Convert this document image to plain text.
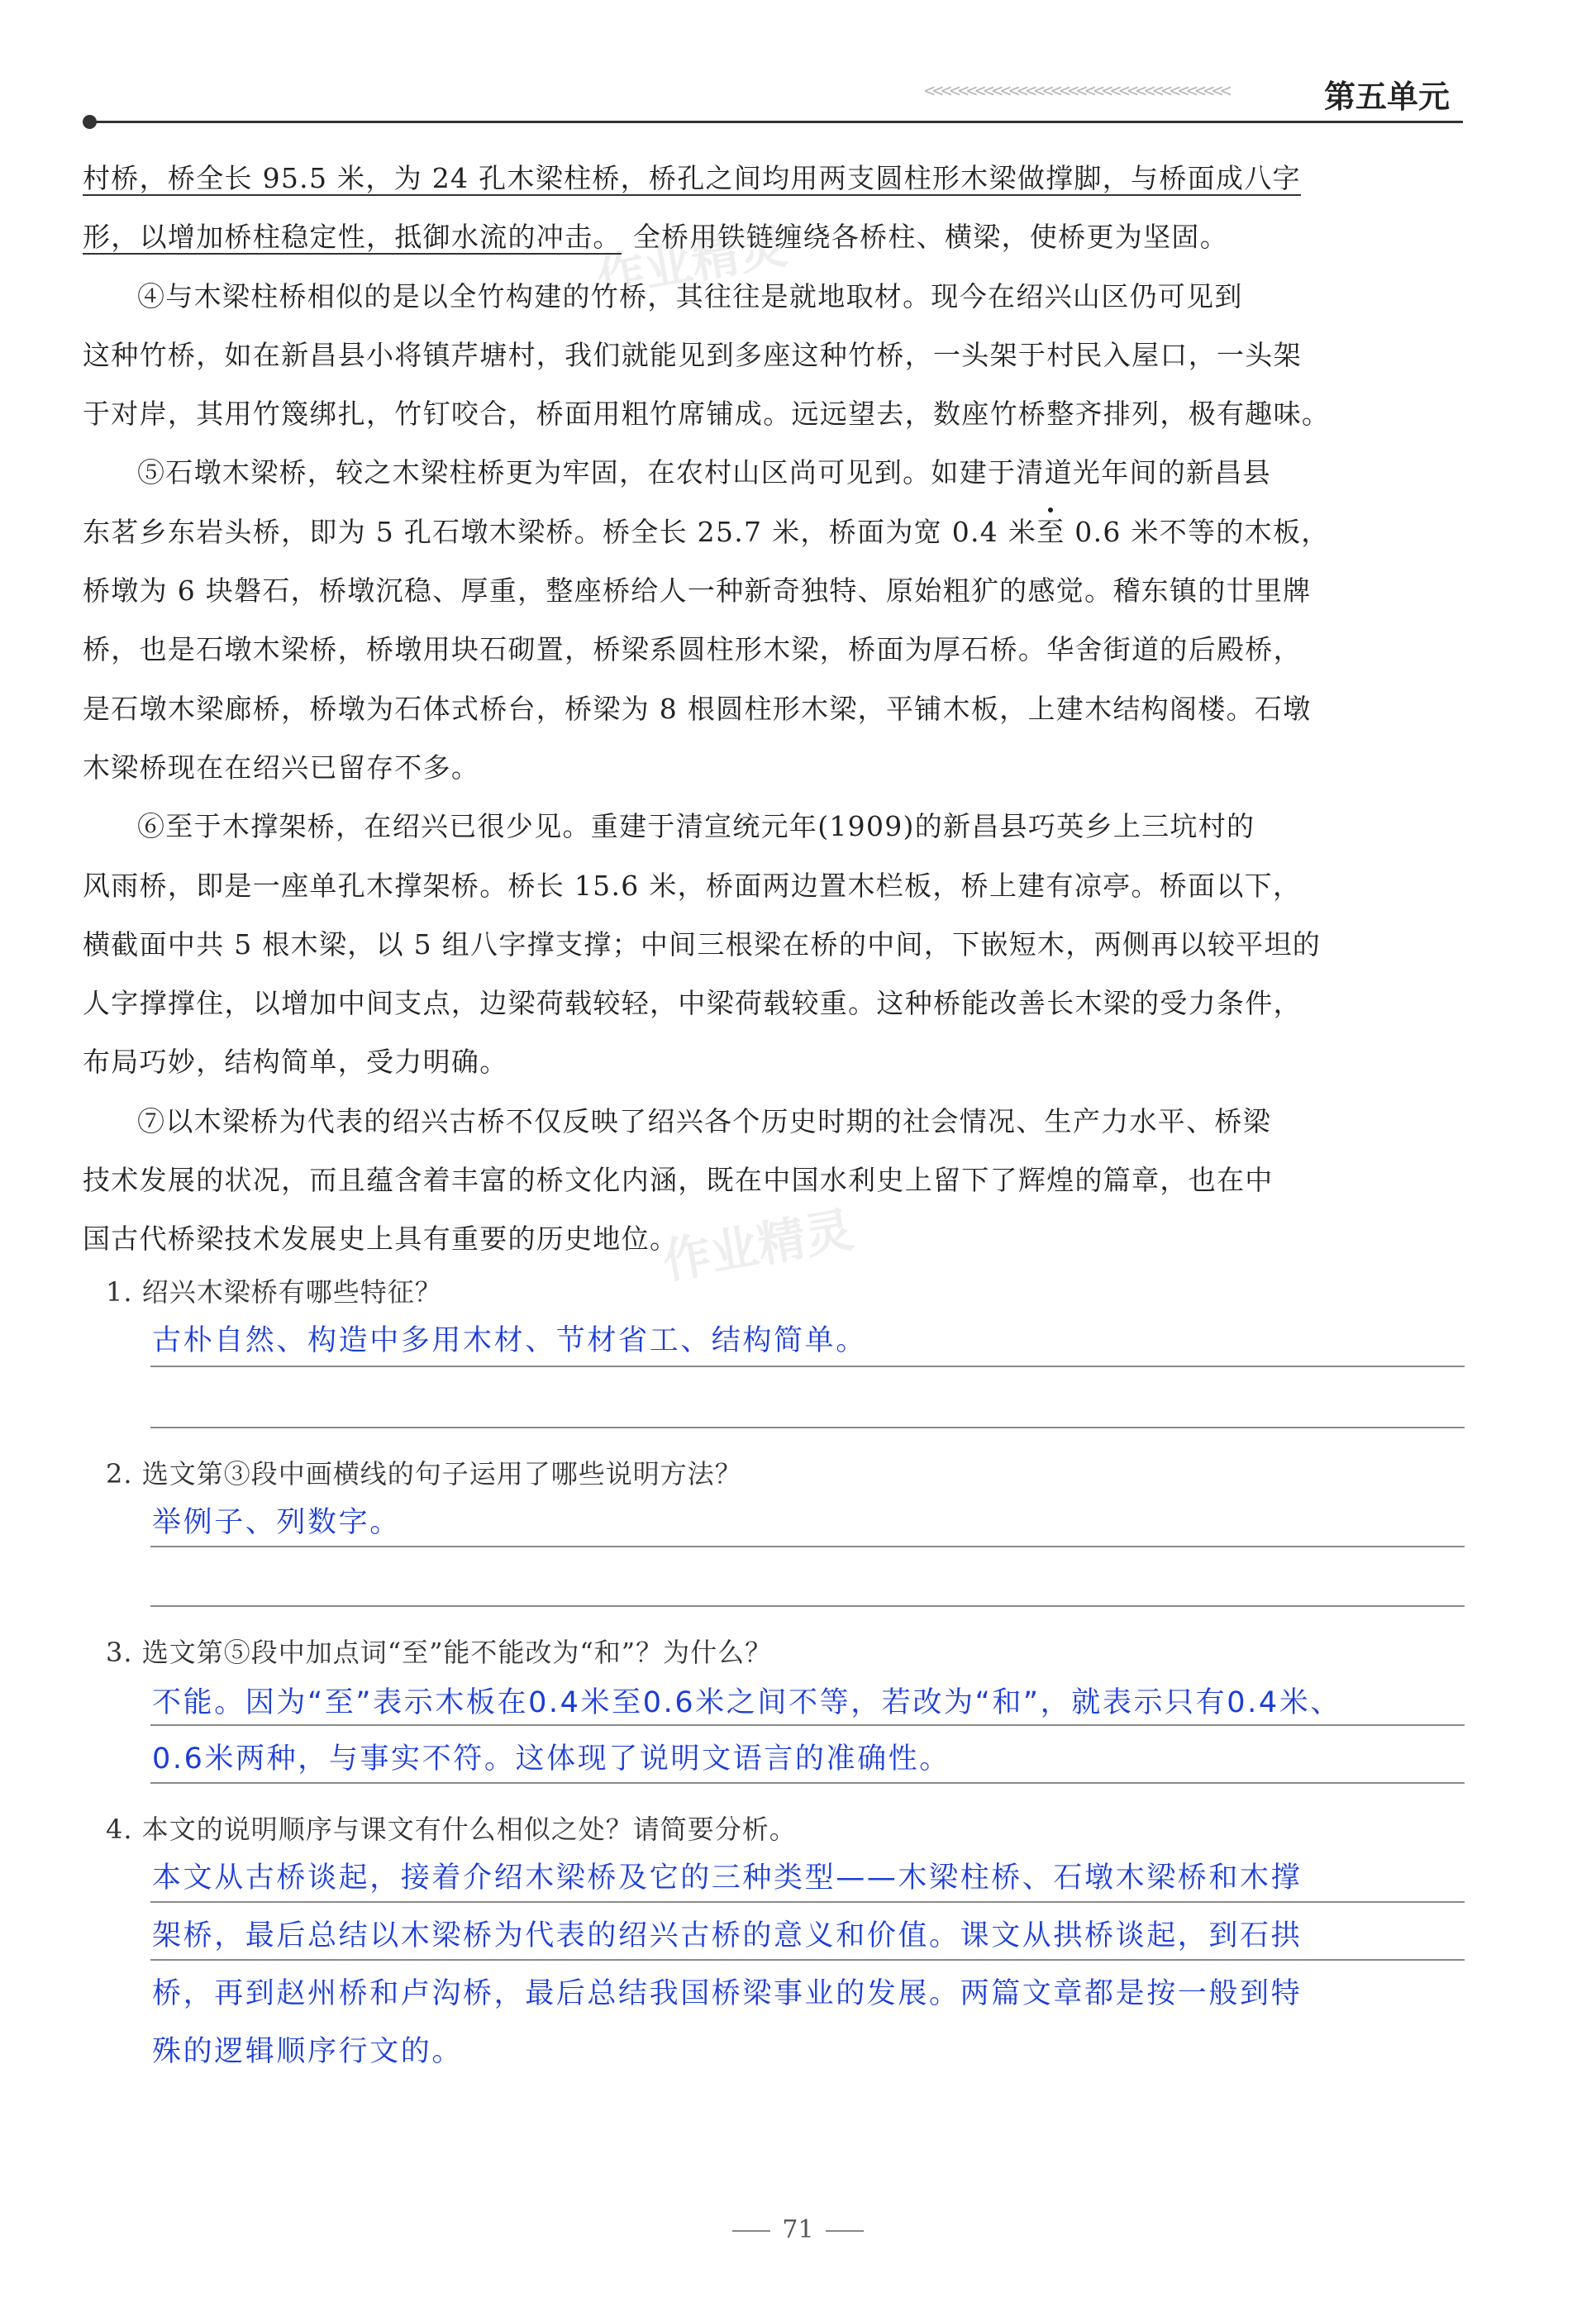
<<<<<<<<<<<<<<<<<<<<<<<<<<<<<<<<<<<<	第五单元
作业精灵
作业精灵
村桥，桥全长 95.5 米，为 24 孔木梁柱桥，桥孔之间均用两支圆柱形木梁做撑脚，与桥面成八字
形，以增加桥柱稳定性，抵御水流的冲击。 全桥用铁链缠绕各桥柱、横梁，使桥更为坚固。
④与木梁柱桥相似的是以全竹构建的竹桥，其往往是就地取材。现今在绍兴山区仍可见到
这种竹桥，如在新昌县小将镇芹塘村，我们就能见到多座这种竹桥，一头架于村民入屋口，一头架
于对岸，其用竹篾绑扎，竹钉咬合，桥面用粗竹席铺成。远远望去，数座竹桥整齐排列，极有趣味。
⑤石墩木梁桥，较之木梁柱桥更为牢固，在农村山区尚可见到。如建于清道光年间的新昌县
东茗乡东岩头桥，即为 5 孔石墩木梁桥。桥全长 25.7 米，桥面为宽 0.4 米至 0.6 米不等的木板，
桥墩为 6 块磐石，桥墩沉稳、厚重，整座桥给人一种新奇独特、原始粗犷的感觉。稽东镇的廿里牌
桥，也是石墩木梁桥，桥墩用块石砌置，桥梁系圆柱形木梁，桥面为厚石桥。华舍街道的后殿桥，
是石墩木梁廊桥，桥墩为石体式桥台，桥梁为 8 根圆柱形木梁，平铺木板，上建木结构阁楼。石墩
木梁桥现在在绍兴已留存不多。
⑥至于木撑架桥，在绍兴已很少见。重建于清宣统元年(1909)的新昌县巧英乡上三坑村的
风雨桥，即是一座单孔木撑架桥。桥长 15.6 米，桥面两边置木栏板，桥上建有凉亭。桥面以下，
横截面中共 5 根木梁，以 5 组八字撑支撑；中间三根梁在桥的中间，下嵌短木，两侧再以较平坦的
人字撑撑住，以增加中间支点，边梁荷载较轻，中梁荷载较重。这种桥能改善长木梁的受力条件，
布局巧妙，结构简单，受力明确。
⑦以木梁桥为代表的绍兴古桥不仅反映了绍兴各个历史时期的社会情况、生产力水平、桥梁
技术发展的状况，而且蕴含着丰富的桥文化内涵，既在中国水利史上留下了辉煌的篇章，也在中
国古代桥梁技术发展史上具有重要的历史地位。
1. 绍兴木梁桥有哪些特征？
古朴自然、构造中多用木材、节材省工、结构简单。
2. 选文第③段中画横线的句子运用了哪些说明方法？
举例子、列数字。
3. 选文第⑤段中加点词“至”能不能改为“和”？为什么？
不能。因为“至”表示木板在0.4米至0.6米之间不等，若改为“和”，就表示只有0.4米、
0.6米两种，与事实不符。这体现了说明文语言的准确性。
4. 本文的说明顺序与课文有什么相似之处？请简要分析。
本文从古桥谈起，接着介绍木梁桥及它的三种类型——木梁柱桥、石墩木梁桥和木撑
架桥，最后总结以木梁桥为代表的绍兴古桥的意义和价值。课文从拱桥谈起，到石拱
桥，再到赵州桥和卢沟桥，最后总结我国桥梁事业的发展。两篇文章都是按一般到特
殊的逻辑顺序行文的。
71
